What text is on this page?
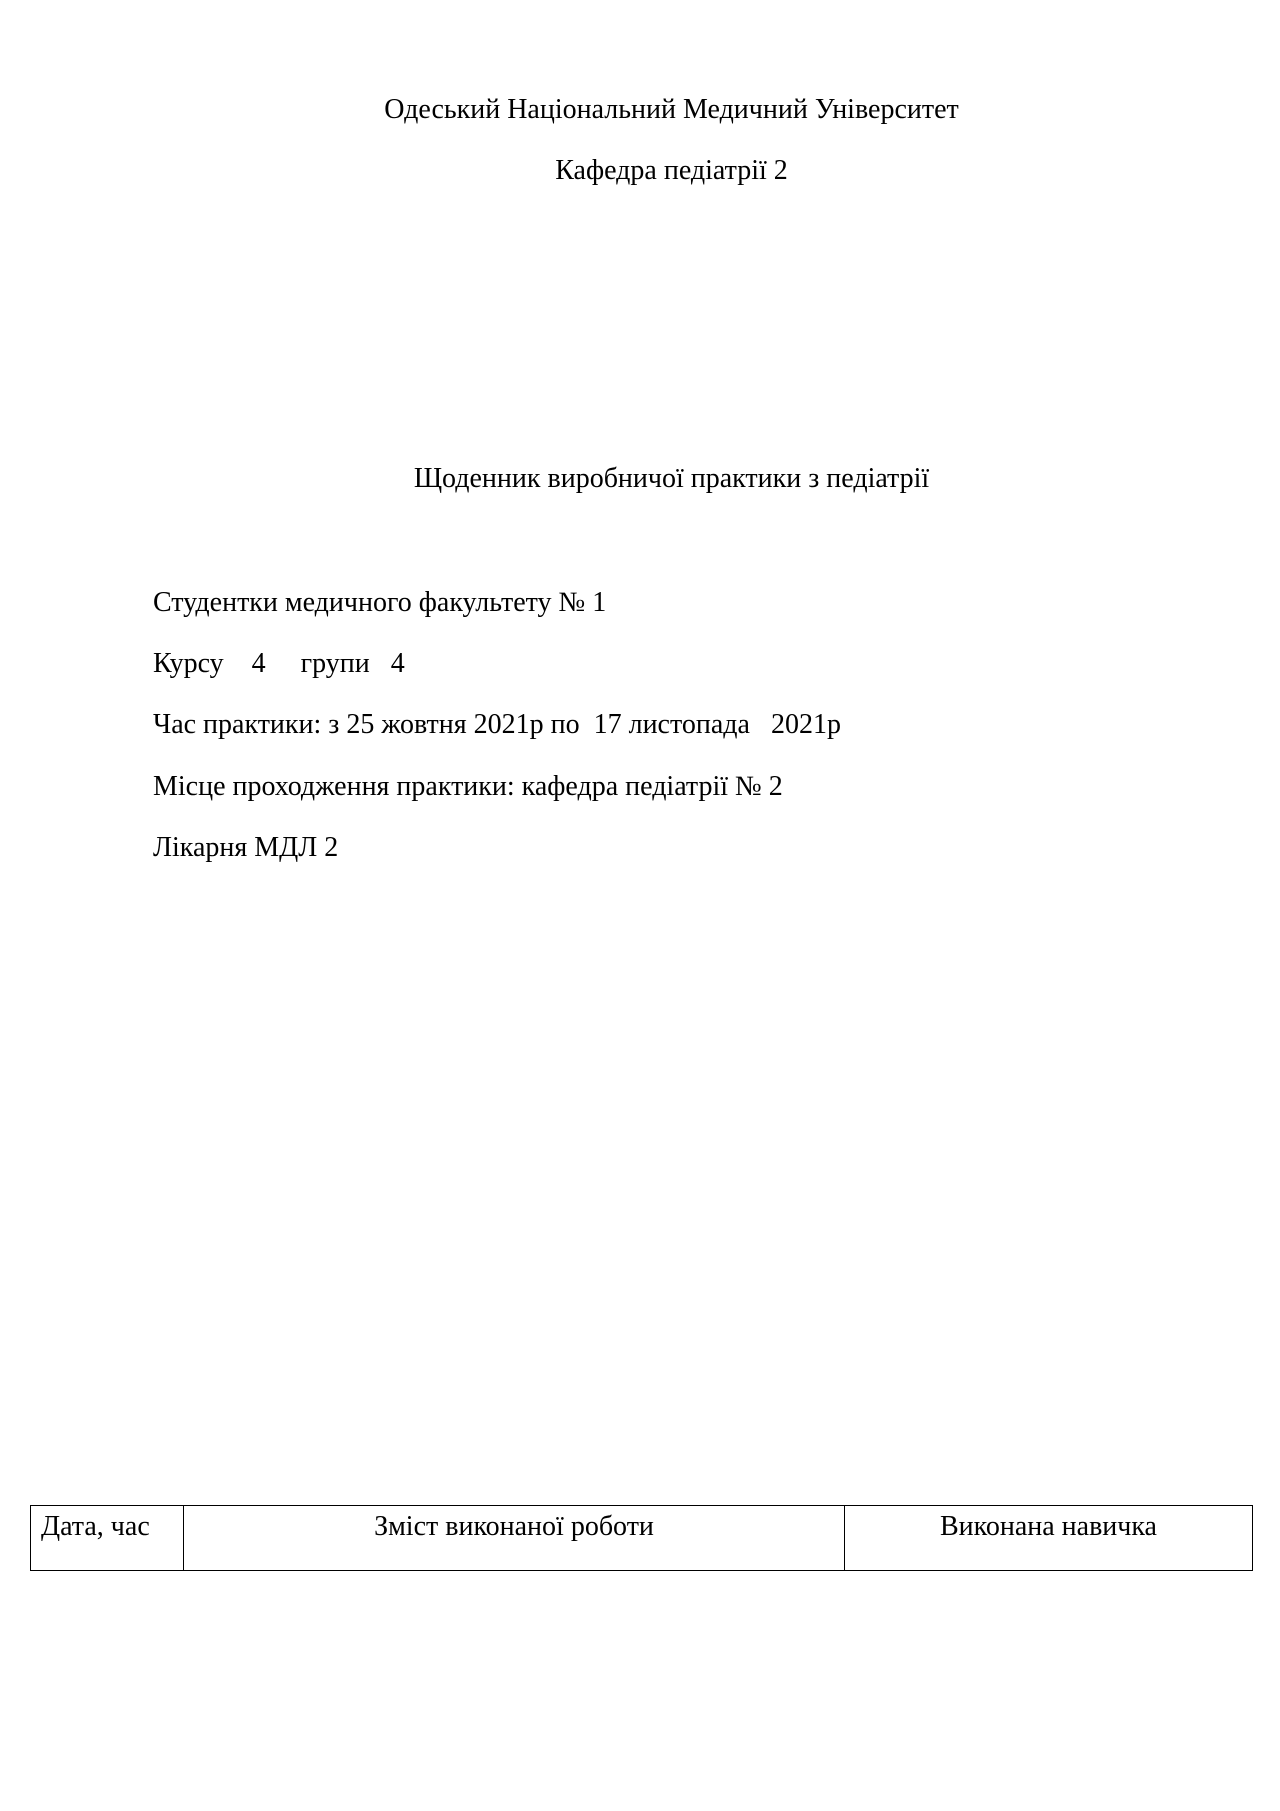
Одеський Національний Медичний Університет
Кафедра педіатрії 2
Щоденник виробничої практики з педіатрії
Студентки медичного факультету № 1
Курсу    4     групи   4
Час практики: з 25 жовтня 2021р по  17 листопада   2021р
Місце проходження практики: кафедра педіатрії № 2
Лікарня МДЛ 2
Дата, час	Зміст виконаної роботи	Виконана навичка
